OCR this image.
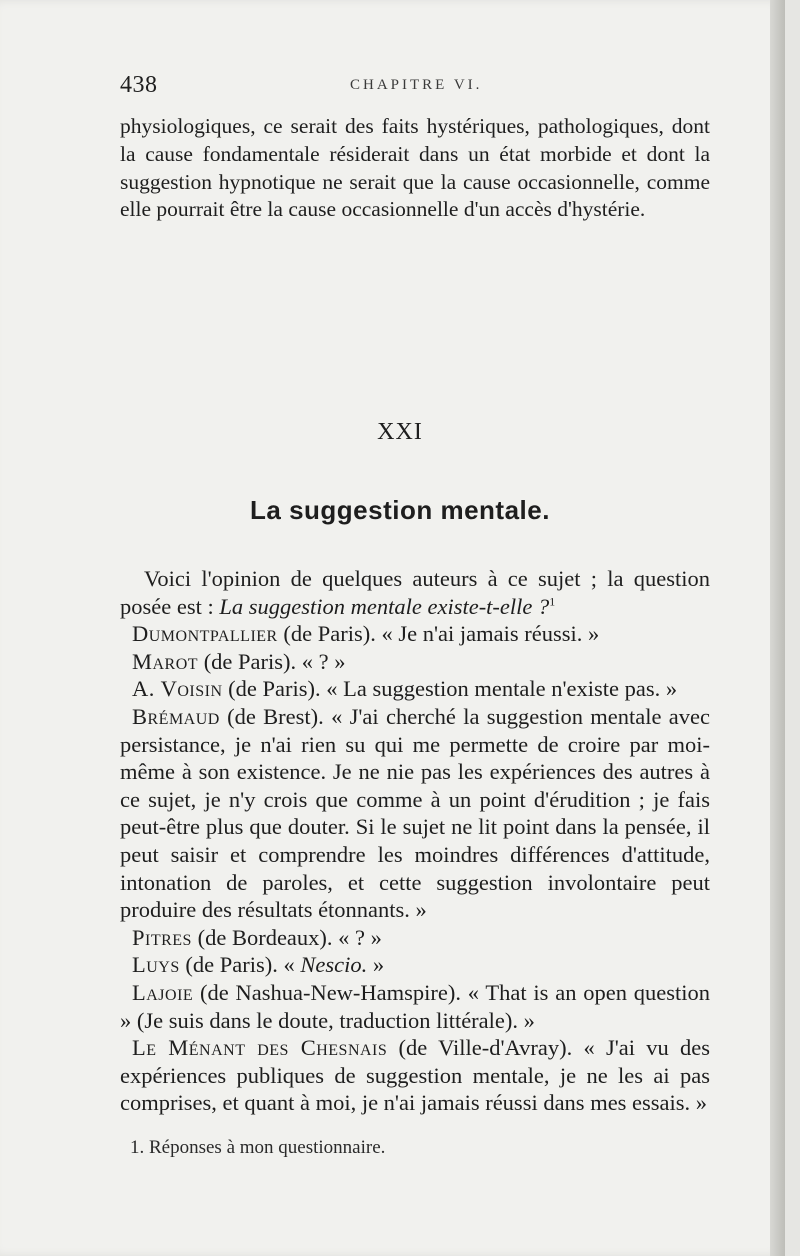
438	CHAPITRE VI.
physiologiques, ce serait des faits hystériques, pathologiques, dont la cause fondamentale résiderait dans un état morbide et dont la suggestion hypnotique ne serait que la cause occasionnelle, comme elle pourrait être la cause occasionnelle d'un accès d'hystérie.
XXI
La suggestion mentale.

Voici l'opinion de quelques auteurs à ce sujet ; la question posée est : La suggestion mentale existe-t-elle ?$^1$

Dumontpallier (de Paris). « Je n'ai jamais réussi. »

Marot (de Paris). « ? »

A. Voisin (de Paris). « La suggestion mentale n'existe pas. »

Brémaud (de Brest). « J'ai cherché la suggestion mentale avec persistance, je n'ai rien su qui me permette de croire par moi-même à son existence. Je ne nie pas les expériences des autres à ce sujet, je n'y crois que comme à un point d'érudition ; je fais peut-être plus que douter. Si le sujet ne lit point dans la pensée, il peut saisir et comprendre les moindres différences d'attitude, intonation de paroles, et cette suggestion involontaire peut produire des résultats étonnants. »

Pitres (de Bordeaux). « ? »

Luys (de Paris). « Nescio. »

Lajoie (de Nashua-New-Hamspire). « That is an open question » (Je suis dans le doute, traduction littérale). »

Le Ménant des Chesnais (de Ville-d'Avray). « J'ai vu des expériences publiques de suggestion mentale, je ne les ai pas comprises, et quant à moi, je n'ai jamais réussi dans mes essais. »

1. Réponses à mon questionnaire.
